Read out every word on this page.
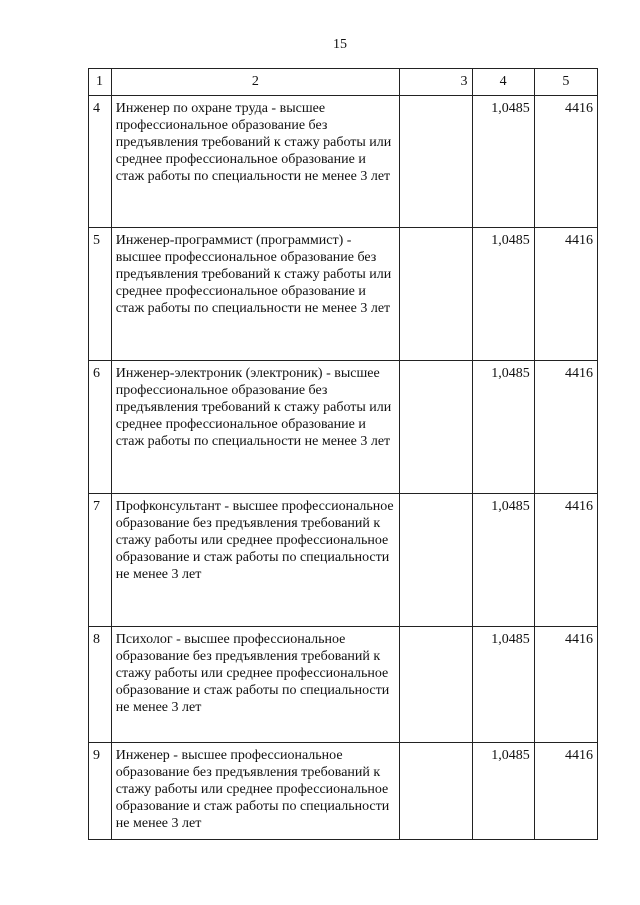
15
1	2	3	4	5
4	Инженер по охране труда - высшее профессиональное образование без предъявления требований к стажу работы или среднее профессиональное образование и стаж работы по специальности не менее 3 лет		1,0485	4416
5	Инженер-программист (программист) - высшее профессиональное образование без предъявления требований к стажу работы или среднее профессиональное образование и стаж работы по специальности не менее 3 лет		1,0485	4416
6	Инженер-электроник (электроник) - высшее профессиональное образование без предъявления требований к стажу работы или среднее профессиональное образование и стаж работы по специальности не менее 3 лет		1,0485	4416
7	Профконсультант - высшее профессиональное образование без предъявления требований к стажу работы или среднее профессиональное образование и стаж работы по специальности не менее 3 лет		1,0485	4416
8	Психолог - высшее профессиональное образование без предъявления требований к стажу работы или среднее профессиональное образование и стаж работы по специальности не менее 3 лет		1,0485	4416
9	Инженер - высшее профессиональное образование без предъявления требований к стажу работы или среднее профессиональное образование и стаж работы по специальности не менее 3 лет		1,0485	4416
